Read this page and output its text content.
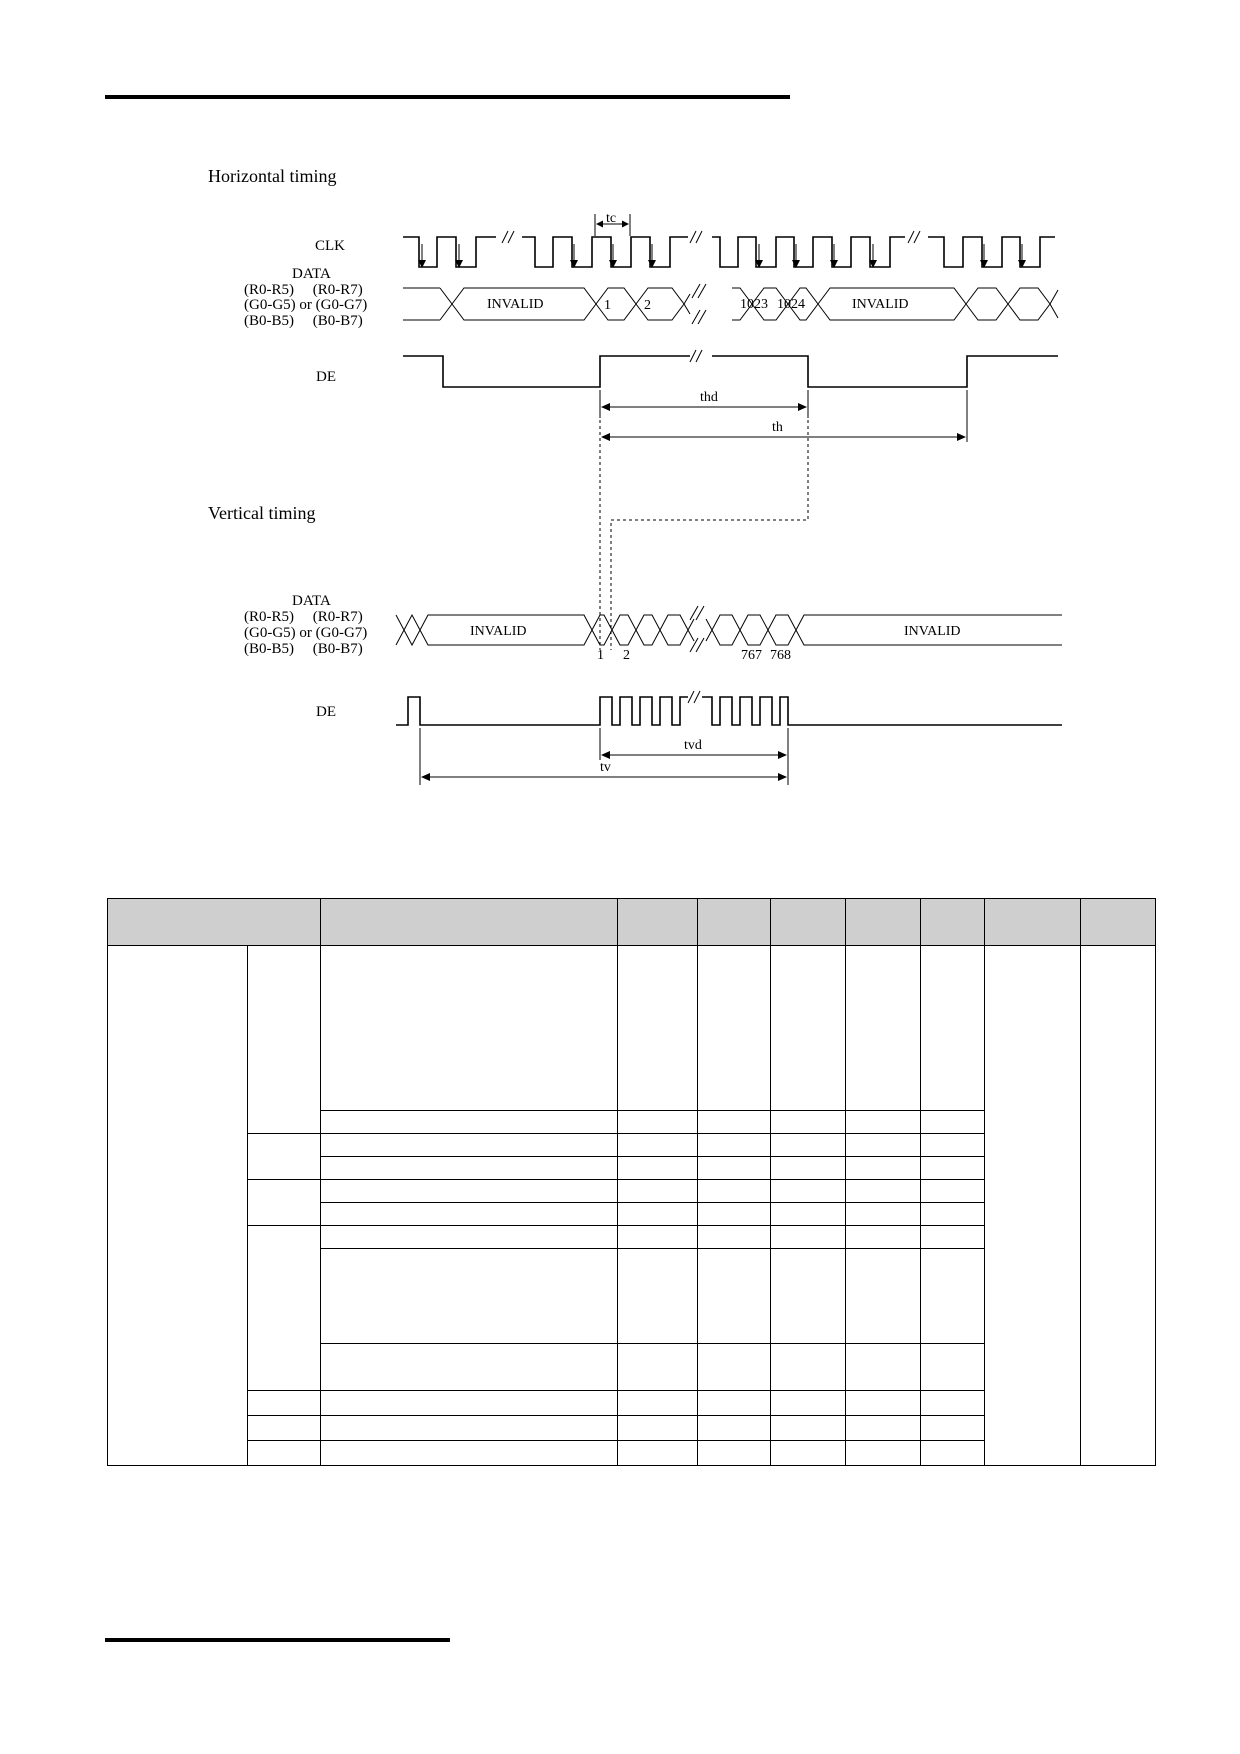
Horizontal timing
tc
CLK
DATA
(R0-R5)     (R0-R7)
(G0-G5) or (G0-G7)
(B0-B5)     (B0-B7)
INVALID	1 2	1023 1024	INVALID
DE
thd
th
Vertical timing
DATA
(R0-R5)     (R0-R7)
(G0-G5) or (G0-G7)
(B0-B5)     (B0-B7)
INVALID	INVALID
1 2	767 768
DE
tvd
tv
